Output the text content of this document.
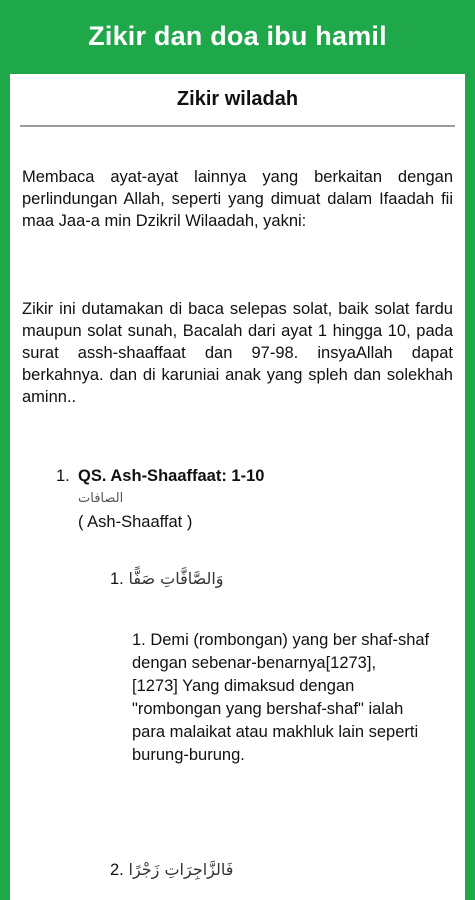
Zikir dan doa ibu hamil
Zikir wiladah
Membaca ayat-ayat lainnya yang berkaitan dengan perlindungan Allah, seperti yang dimuat dalam Ifaadah fii maa Jaa-a min Dzikril Wilaadah, yakni:
Zikir ini dutamakan di baca selepas solat, baik solat fardu maupun solat sunah, Bacalah dari ayat 1 hingga 10, pada surat assh-shaaffaat dan 97-98. insyaAllah dapat berkahnya. dan di karuniai anak yang spleh dan solekhah aminn..
1. QS. Ash-Shaaffaat: 1-10
الصافات
( Ash-Shaaffat )
1. وَالصَّافَّاتِ صَفًّا
1. Demi (rombongan) yang ber shaf-shaf dengan sebenar-benarnya[1273],
[1273] Yang dimaksud dengan "rombongan yang bershaf-shaf" ialah para malaikat atau makhluk lain seperti burung-burung.
2. فَالزَّاجِرَاتِ زَجْرًا
